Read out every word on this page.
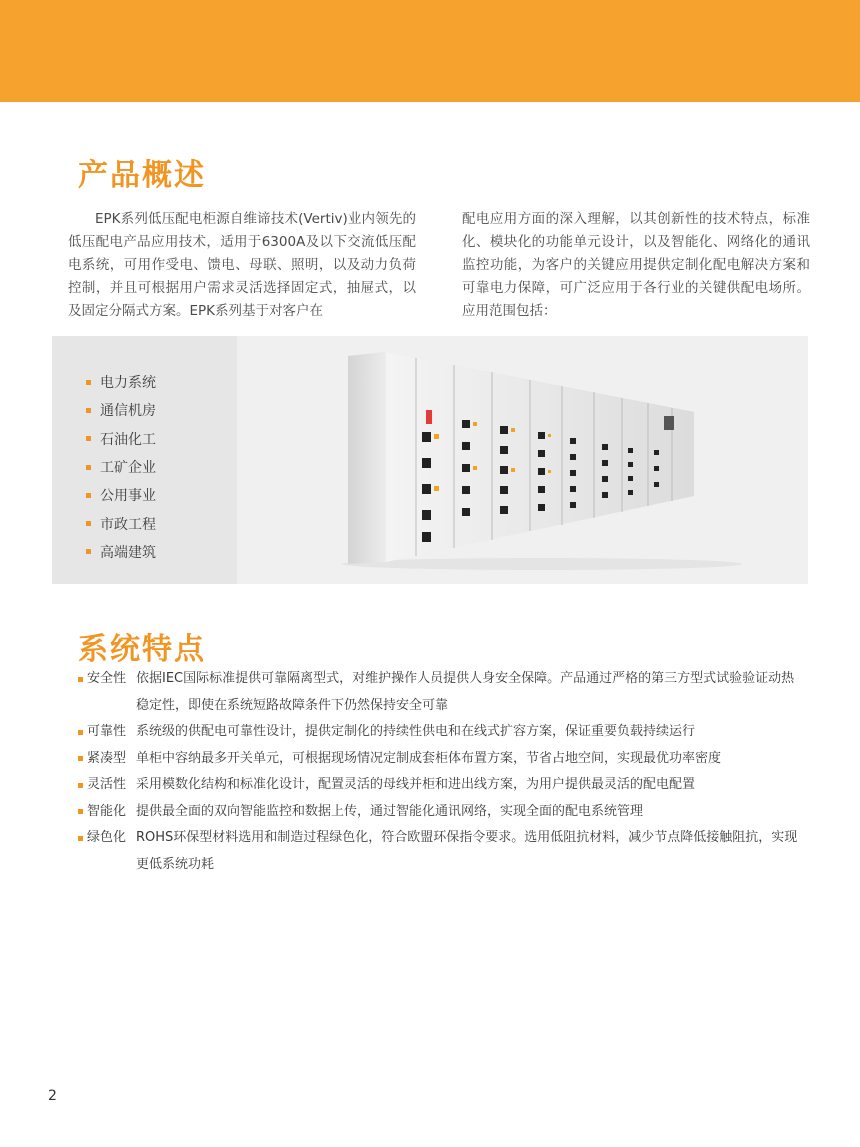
产品概述

EPK系列低压配电柜源自维谛技术(Vertiv)业内领先的低压配电产品应用技术，适用于6300A及以下交流低压配电系统，可用作受电、馈电、母联、照明，以及动力负荷控制，并且可根据用户需求灵活选择固定式，抽屉式，以及固定分隔式方案。EPK系列基于对客户在

配电应用方面的深入理解，以其创新性的技术特点，标准化、模块化的功能单元设计，以及智能化、网络化的通讯监控功能，为客户的关键应用提供定制化配电解决方案和可靠电力保障，可广泛应用于各行业的关键供配电场所。应用范围包括：

电力系统
通信机房
石油化工
工矿企业
公用事业
市政工程
高端建筑
系统特点
安全性 依据IEC国际标准提供可靠隔离型式，对维护操作人员提供人身安全保障。产品通过严格的第三方型式试验验证动热稳定性，即使在系统短路故障条件下仍然保持安全可靠
可靠性 系统级的供配电可靠性设计，提供定制化的持续性供电和在线式扩容方案，保证重要负载持续运行
紧凑型 单柜中容纳最多开关单元，可根据现场情况定制成套柜体布置方案，节省占地空间，实现最优功率密度
灵活性 采用模数化结构和标准化设计，配置灵活的母线并柜和进出线方案，为用户提供最灵活的配电配置
智能化 提供最全面的双向智能监控和数据上传，通过智能化通讯网络，实现全面的配电系统管理
绿色化 ROHS环保型材料选用和制造过程绿色化，符合欧盟环保指令要求。选用低阻抗材料，减少节点降低接触阻抗，实现更低系统功耗
2
